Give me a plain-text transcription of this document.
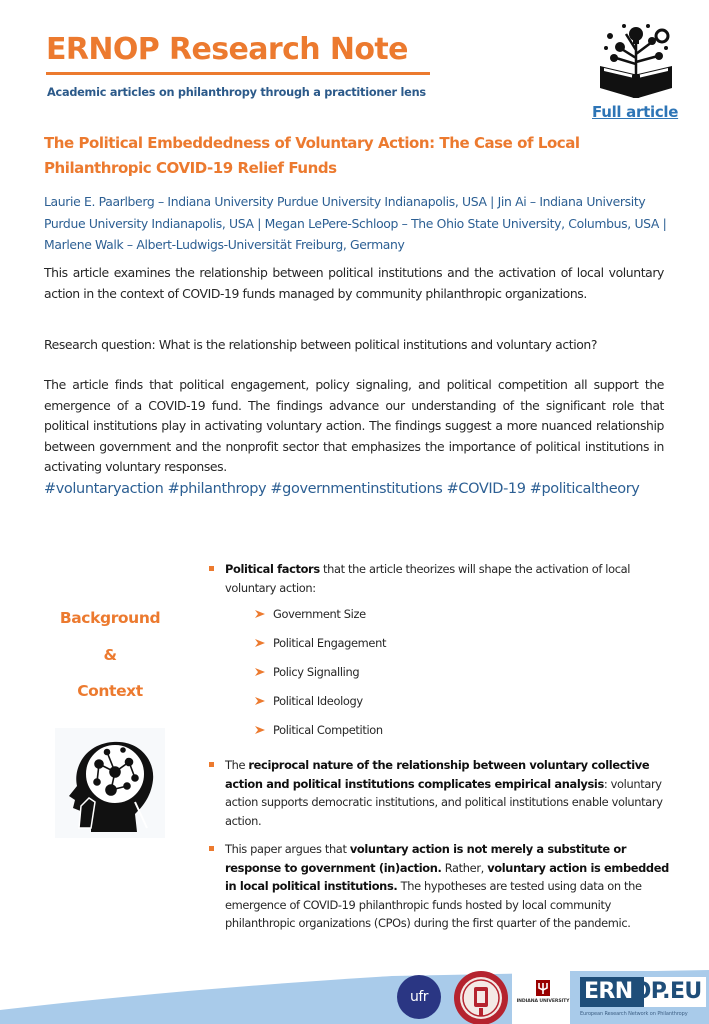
ERNOP Research Note
Academic articles on philanthropy through a practitioner lens
Full article
The Political Embeddedness of Voluntary Action: The Case of Local Philanthropic COVID-19 Relief Funds
Laurie E. Paarlberg – Indiana University Purdue University Indianapolis, USA | Jin Ai – Indiana University Purdue University Indianapolis, USA | Megan LePere-Schloop – The Ohio State University, Columbus, USA | Marlene Walk – Albert-Ludwigs-Universität Freiburg, Germany
This article examines the relationship between political institutions and the activation of local voluntary action in the context of COVID-19 funds managed by community philanthropic organizations.
Research question: What is the relationship between political institutions and voluntary action?
The article finds that political engagement, policy signaling, and political competition all support the emergence of a COVID-19 fund. The findings advance our understanding of the significant role that political institutions play in activating voluntary action. The findings suggest a more nuanced relationship between government and the nonprofit sector that emphasizes the importance of political institutions in activating voluntary responses.
#voluntaryaction #philanthropy #governmentinstitutions #COVID-19 #politicaltheory
Background
&
Context
Political factors that the article theorizes will shape the activation of local voluntary action:
Government Size
Political Engagement
Policy Signalling
Political Ideology
Political Competition
The reciprocal nature of the relationship between voluntary collective action and political institutions complicates empirical analysis: voluntary action supports democratic institutions, and political institutions enable voluntary action.
This paper argues that voluntary action is not merely a substitute or response to government (in)action. Rather, voluntary action is embedded in local political institutions. The hypotheses are tested using data on the emergence of COVID-19 philanthropic funds hosted by local community philanthropic organizations (CPOs) during the first quarter of the pandemic.
ufr	INDIANA UNIVERSITY ERNOP.EU
European Research Network on Philanthropy
